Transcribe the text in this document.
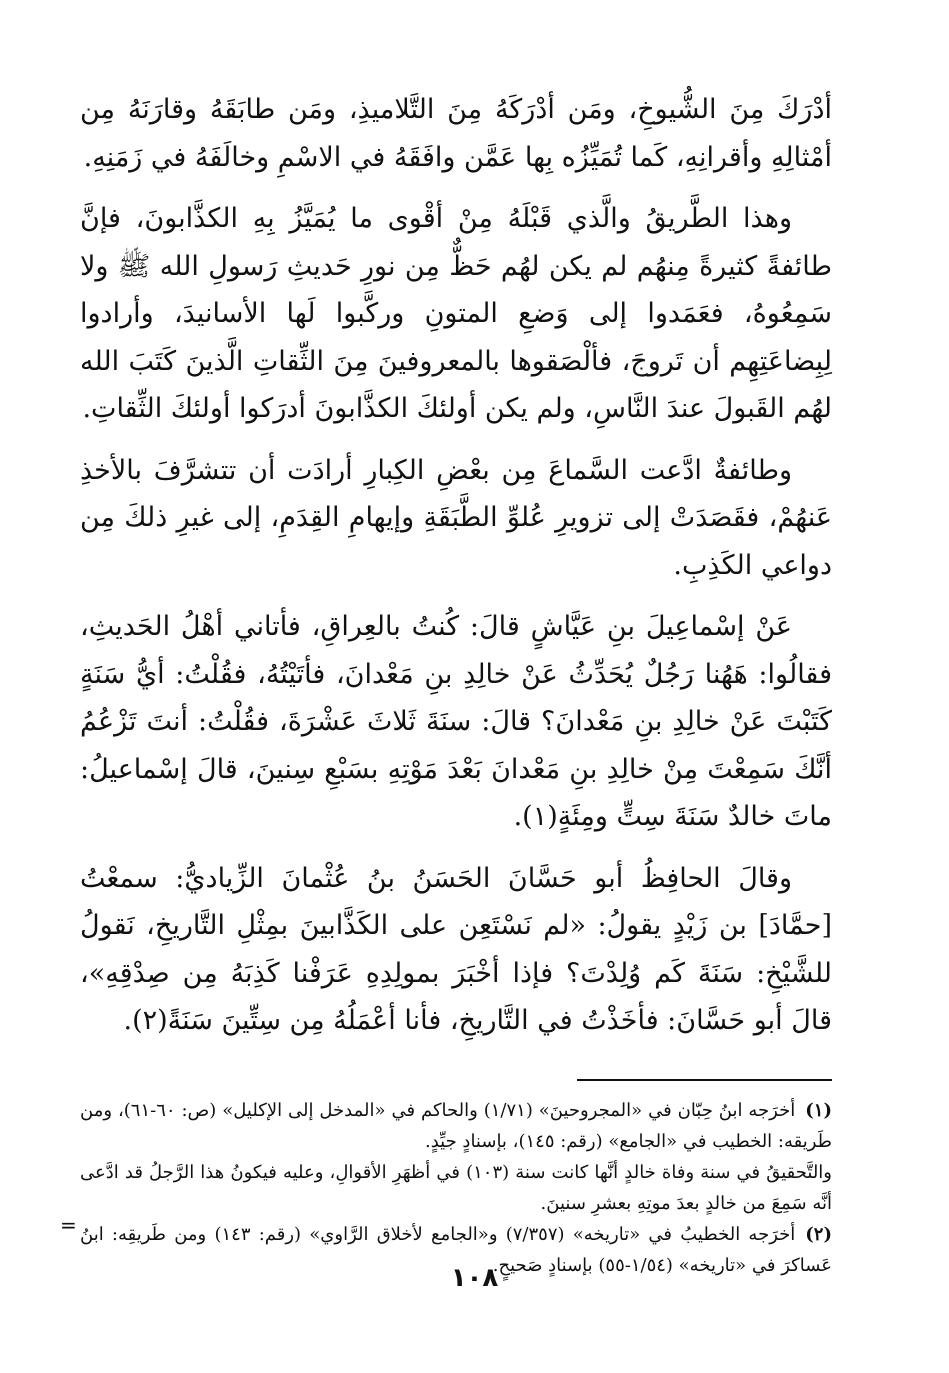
أدْرَكَ مِنَ الشُّيوخِ، ومَن أدْرَكَهُ مِنَ التَّلاميذِ، ومَن طابَقَهُ وقارَنَهُ مِن أمْثالِهِ وأقرانِهِ، كَما تُمَيِّزُه بِها عَمَّن وافَقَهُ في الاسْمِ وخالَفَهُ في زَمَنِهِ.

وهذا الطَّريقُ والَّذي قَبْلَهُ مِنْ أقْوى ما يُمَيَّزُ بِهِ الكذَّابونَ، فإنَّ طائفةً كثيرةً مِنهُم لم يكن لهُم حَظٌّ مِن نورِ حَديثِ رَسولِ الله ﷺ ولا سَمِعُوهُ، فعَمَدوا إلى وَضعِ المتونِ وركَّبوا لَها الأسانيدَ، وأرادوا لِبِضاعَتِهِم أن تَروجَ، فألْصَقوها بالمعروفينَ مِنَ الثِّقاتِ الَّذينَ كَتَبَ الله لهُم القَبولَ عندَ النَّاسِ، ولم يكن أولئكَ الكذَّابونَ أدرَكوا أولئكَ الثِّقاتِ.

وطائفةٌ ادَّعت السَّماعَ مِن بعْضِ الكِبارِ أرادَت أن تتشرَّفَ بالأخذِ عَنهُمْ، فقَصَدَتْ إلى تزويرِ عُلوِّ الطَّبَقَةِ وإيهامِ القِدَمِ، إلى غيرِ ذلكَ مِن دواعي الكَذِبِ.

عَنْ إسْماعِيلَ بنِ عَيَّاشٍ قالَ: كُنتُ بالعِراقِ، فأتاني أهْلُ الحَديثِ، فقالُوا: هَهُنا رَجُلٌ يُحَدِّثُ عَنْ خالِدِ بنِ مَعْدانَ، فأتَيْتُهُ، فقُلْتُ: أيُّ سَنَةٍ كَتَبْتَ عَنْ خالِدِ بنِ مَعْدانَ؟ قالَ: سنَةَ ثَلاثَ عَشْرَةَ، فقُلْتُ: أنتَ تَزْعُمُ أنَّكَ سَمِعْتَ مِنْ خالِدِ بنِ مَعْدانَ بَعْدَ مَوْتِهِ بسَبْعِ سِنينَ، قالَ إسْماعيلُ: ماتَ خالدٌ سَنَةَ سِتٍّ ومِئَةٍ(١).

وقالَ الحافِظُ أبو حَسَّانَ الحَسَنُ بنُ عُثْمانَ الزِّياديُّ: سمعْتُ [حمَّادَ] بن زَيْدٍ يقولُ: «لم نَسْتَعِن على الكَذَّابينَ بمِثْلِ التَّاريخِ، نَقولُ للشَّيْخِ: سَنَةَ كَم وُلِدْتَ؟ فإذا أخْبَرَ بمولِدِهِ عَرَفْنا كَذِبَهُ مِن صِدْقِهِ»، قالَ أبو حَسَّانَ: فأخَذْتُ في التَّاريخِ، فأنا أعْمَلُهُ مِن سِتِّينَ سَنَةً(٢).

(١)أخرَجه ابنُ حِبّان في «المجروحينَ» (١/٧١) والحاكم في «المدخل إلى الإكليل» (ص: ٦٠-٦١)، ومن طَريقه: الخطيب في «الجامع» (رقم: ١٤٥)، بإسنادٍ جيِّدٍ.

والتَّحقيقُ في سنة وفاة خالدٍ أنَّها كانت سنة (١٠٣) في أظهَرِ الأقوالِ، وعليه فيكونُ هذا الرَّجلُ قد ادَّعى أنَّه سَمِعَ من خالدٍ بعدَ موتِهِ بعشرِ سنينَ.

(٢)أخرَجه الخطيبُ في «تاريخه» (٧/٣٥٧) و«الجامع لأخلاق الرَّاوي» (رقم: ١٤٣) ومن طَريقِه: ابنُ عَساكرَ في «تاريخه» (١/٥٤-٥٥) بإسنادٍ صَحيحٍ.

=
١٠٨
